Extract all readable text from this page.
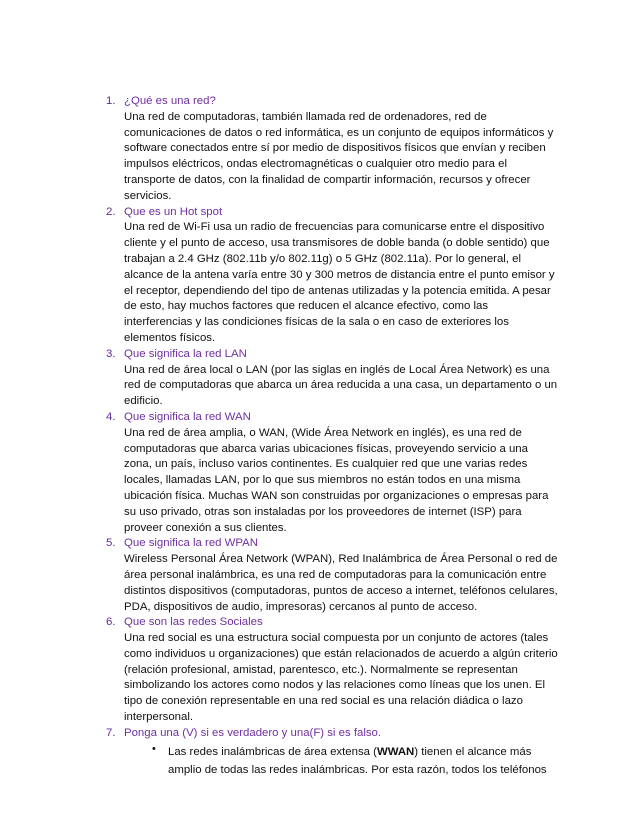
1. ¿Qué es una red?

Una red de computadoras, también llamada red de ordenadores, red de comunicaciones de datos o red informática, es un conjunto de equipos informáticos y software conectados entre sí por medio de dispositivos físicos que envían y reciben impulsos eléctricos, ondas electromagnéticas o cualquier otro medio para el transporte de datos, con la finalidad de compartir información, recursos y ofrecer servicios.

2. Que es un Hot spot

Una red de Wi-Fi usa un radio de frecuencias para comunicarse entre el dispositivo cliente y el punto de acceso, usa transmisores de doble banda (o doble sentido) que trabajan a 2.4 GHz (802.11b y/o 802.11g) o 5 GHz (802.11a). Por lo general, el alcance de la antena varía entre 30 y 300 metros de distancia entre el punto emisor y el receptor, dependiendo del tipo de antenas utilizadas y la potencia emitida. A pesar de esto, hay muchos factores que reducen el alcance efectivo, como las interferencias y las condiciones físicas de la sala o en caso de exteriores los elementos físicos.

3. Que significa la red LAN

Una red de área local o LAN (por las siglas en inglés de Local Área Network) es una red de computadoras que abarca un área reducida a una casa, un departamento o un edificio.

4. Que significa la red WAN

Una red de área amplia, o WAN, (Wide Área Network en inglés), es una red de computadoras que abarca varias ubicaciones físicas, proveyendo servicio a una zona, un país, incluso varios continentes. Es cualquier red que une varias redes locales, llamadas LAN, por lo que sus miembros no están todos en una misma ubicación física. Muchas WAN son construidas por organizaciones o empresas para su uso privado, otras son instaladas por los proveedores de internet (ISP) para proveer conexión a sus clientes.

5. Que significa la red WPAN

Wireless Personal Área Network (WPAN), Red Inalámbrica de Área Personal o red de área personal inalámbrica, es una red de computadoras para la comunicación entre distintos dispositivos (computadoras, puntos de acceso a internet, teléfonos celulares, PDA, dispositivos de audio, impresoras) cercanos al punto de acceso.

6. Que son las redes Sociales

Una red social es una estructura social compuesta por un conjunto de actores (tales como individuos u organizaciones) que están relacionados de acuerdo a algún criterio (relación profesional, amistad, parentesco, etc.). Normalmente se representan simbolizando los actores como nodos y las relaciones como líneas que los unen. El tipo de conexión representable en una red social es una relación diádica o lazo interpersonal.

7. Ponga una (V) si es verdadero y una(F) si es falso.
• Las redes inalámbricas de área extensa (WWAN) tienen el alcance más amplio de todas las redes inalámbricas. Por esta razón, todos los teléfonos
